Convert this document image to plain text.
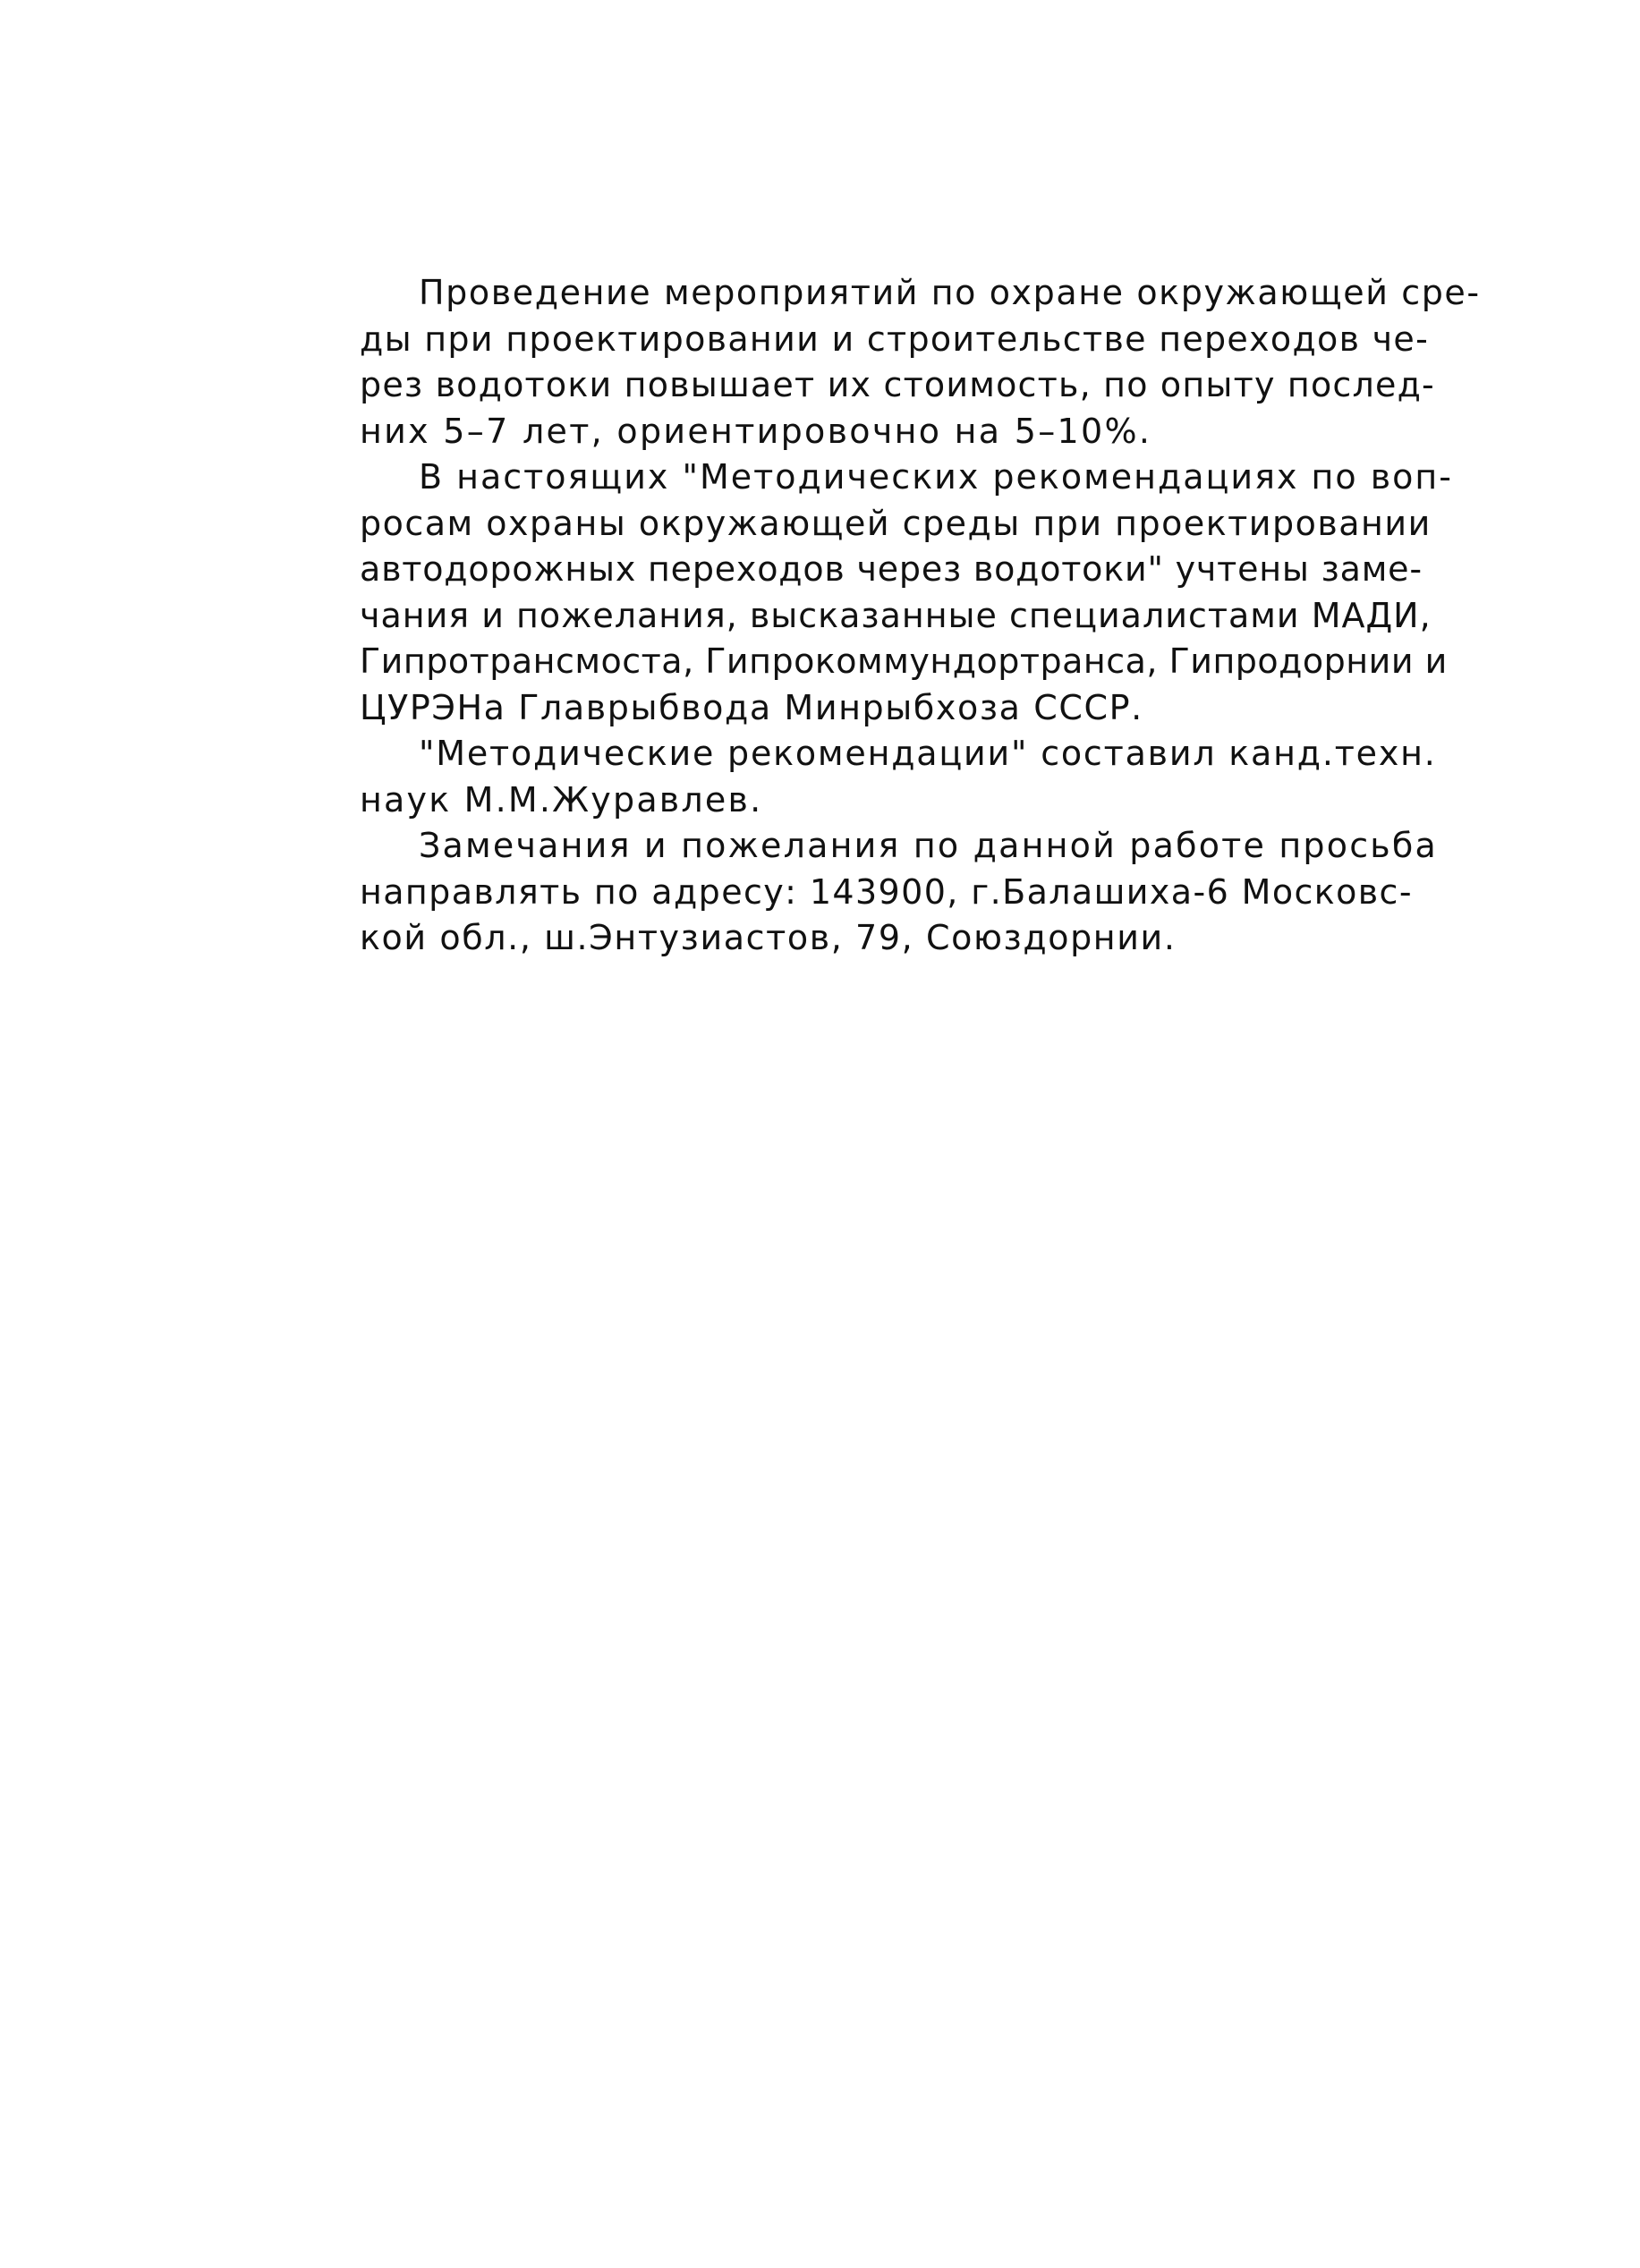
Проведение мероприятий по охране окружающей сре-
ды при проектировании и строительстве переходов че-
рез водотоки повышает их стоимость, по опыту послед-
них 5–7 лет, ориентировочно на 5–10%.
В настоящих "Методических рекомендациях по воп-
росам охраны окружающей среды при проектировании
автодорожных переходов через водотоки" учтены заме-
чания и пожелания, высказанные специалистами МАДИ,
Гипротрансмоста, Гипрокоммундортранса, Гипродорнии и
ЦУРЭНа Главрыбвода Минрыбхоза СССР.
"Методические рекомендации" составил канд.техн.
наук М.М.Журавлев.
Замечания и пожелания по данной работе просьба
направлять по адресу: 143900, г.Балашиха-6 Московс-
кой обл., ш.Энтузиастов, 79, Союздорнии.
